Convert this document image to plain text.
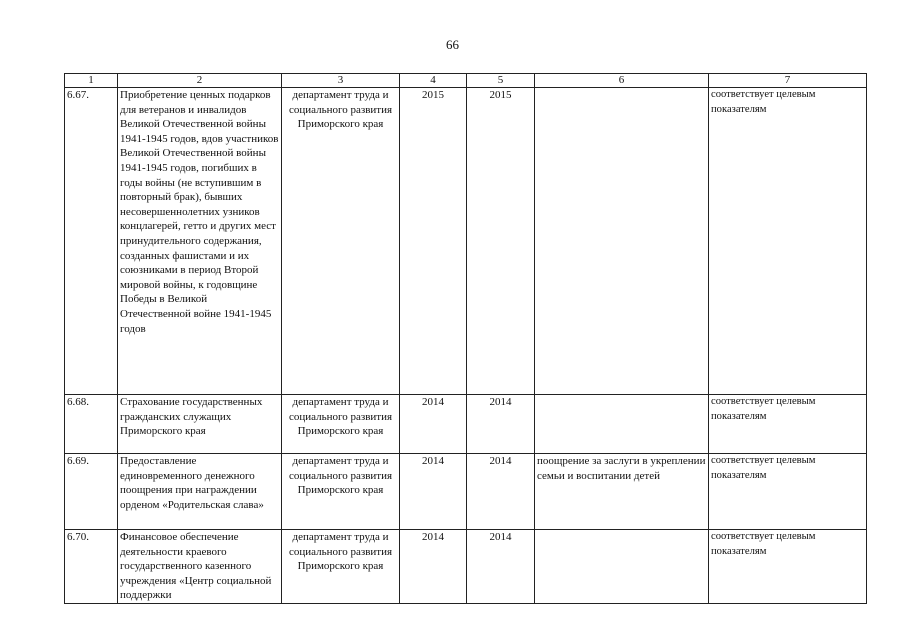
66
1	2	3	4	5	6	7
6.67.	Приобретение ценных подарков для ветеранов и инвалидов Великой Отечественной войны 1941-1945 годов, вдов участников Великой Отечественной войны 1941-1945 годов, погибших в годы войны (не вступившим в повторный брак), бывших несовершеннолетних узников концлагерей, гетто и других мест принудительного содержания, созданных фашистами и их союзниками в период Второй мировой войны, к годовщине Победы в Великой Отечественной войне 1941-1945 годов	департамент труда и социального развития Приморского края	2015	2015		соответствует целевым показателям
6.68.	Страхование государственных гражданских служащих Приморского края	департамент труда и социального развития Приморского края	2014	2014		соответствует целевым показателям
6.69.	Предоставление единовременного денежного поощрения при награждении орденом «Родительская слава»	департамент труда и социального развития Приморского края	2014	2014	поощрение за заслуги в укреплении семьи и воспитании детей	соответствует целевым показателям
6.70.	Финансовое обеспечение деятельности краевого государственного казенного учреждения «Центр социальной поддержки	департамент труда и социального развития Приморского края	2014	2014		соответствует целевым показателям
